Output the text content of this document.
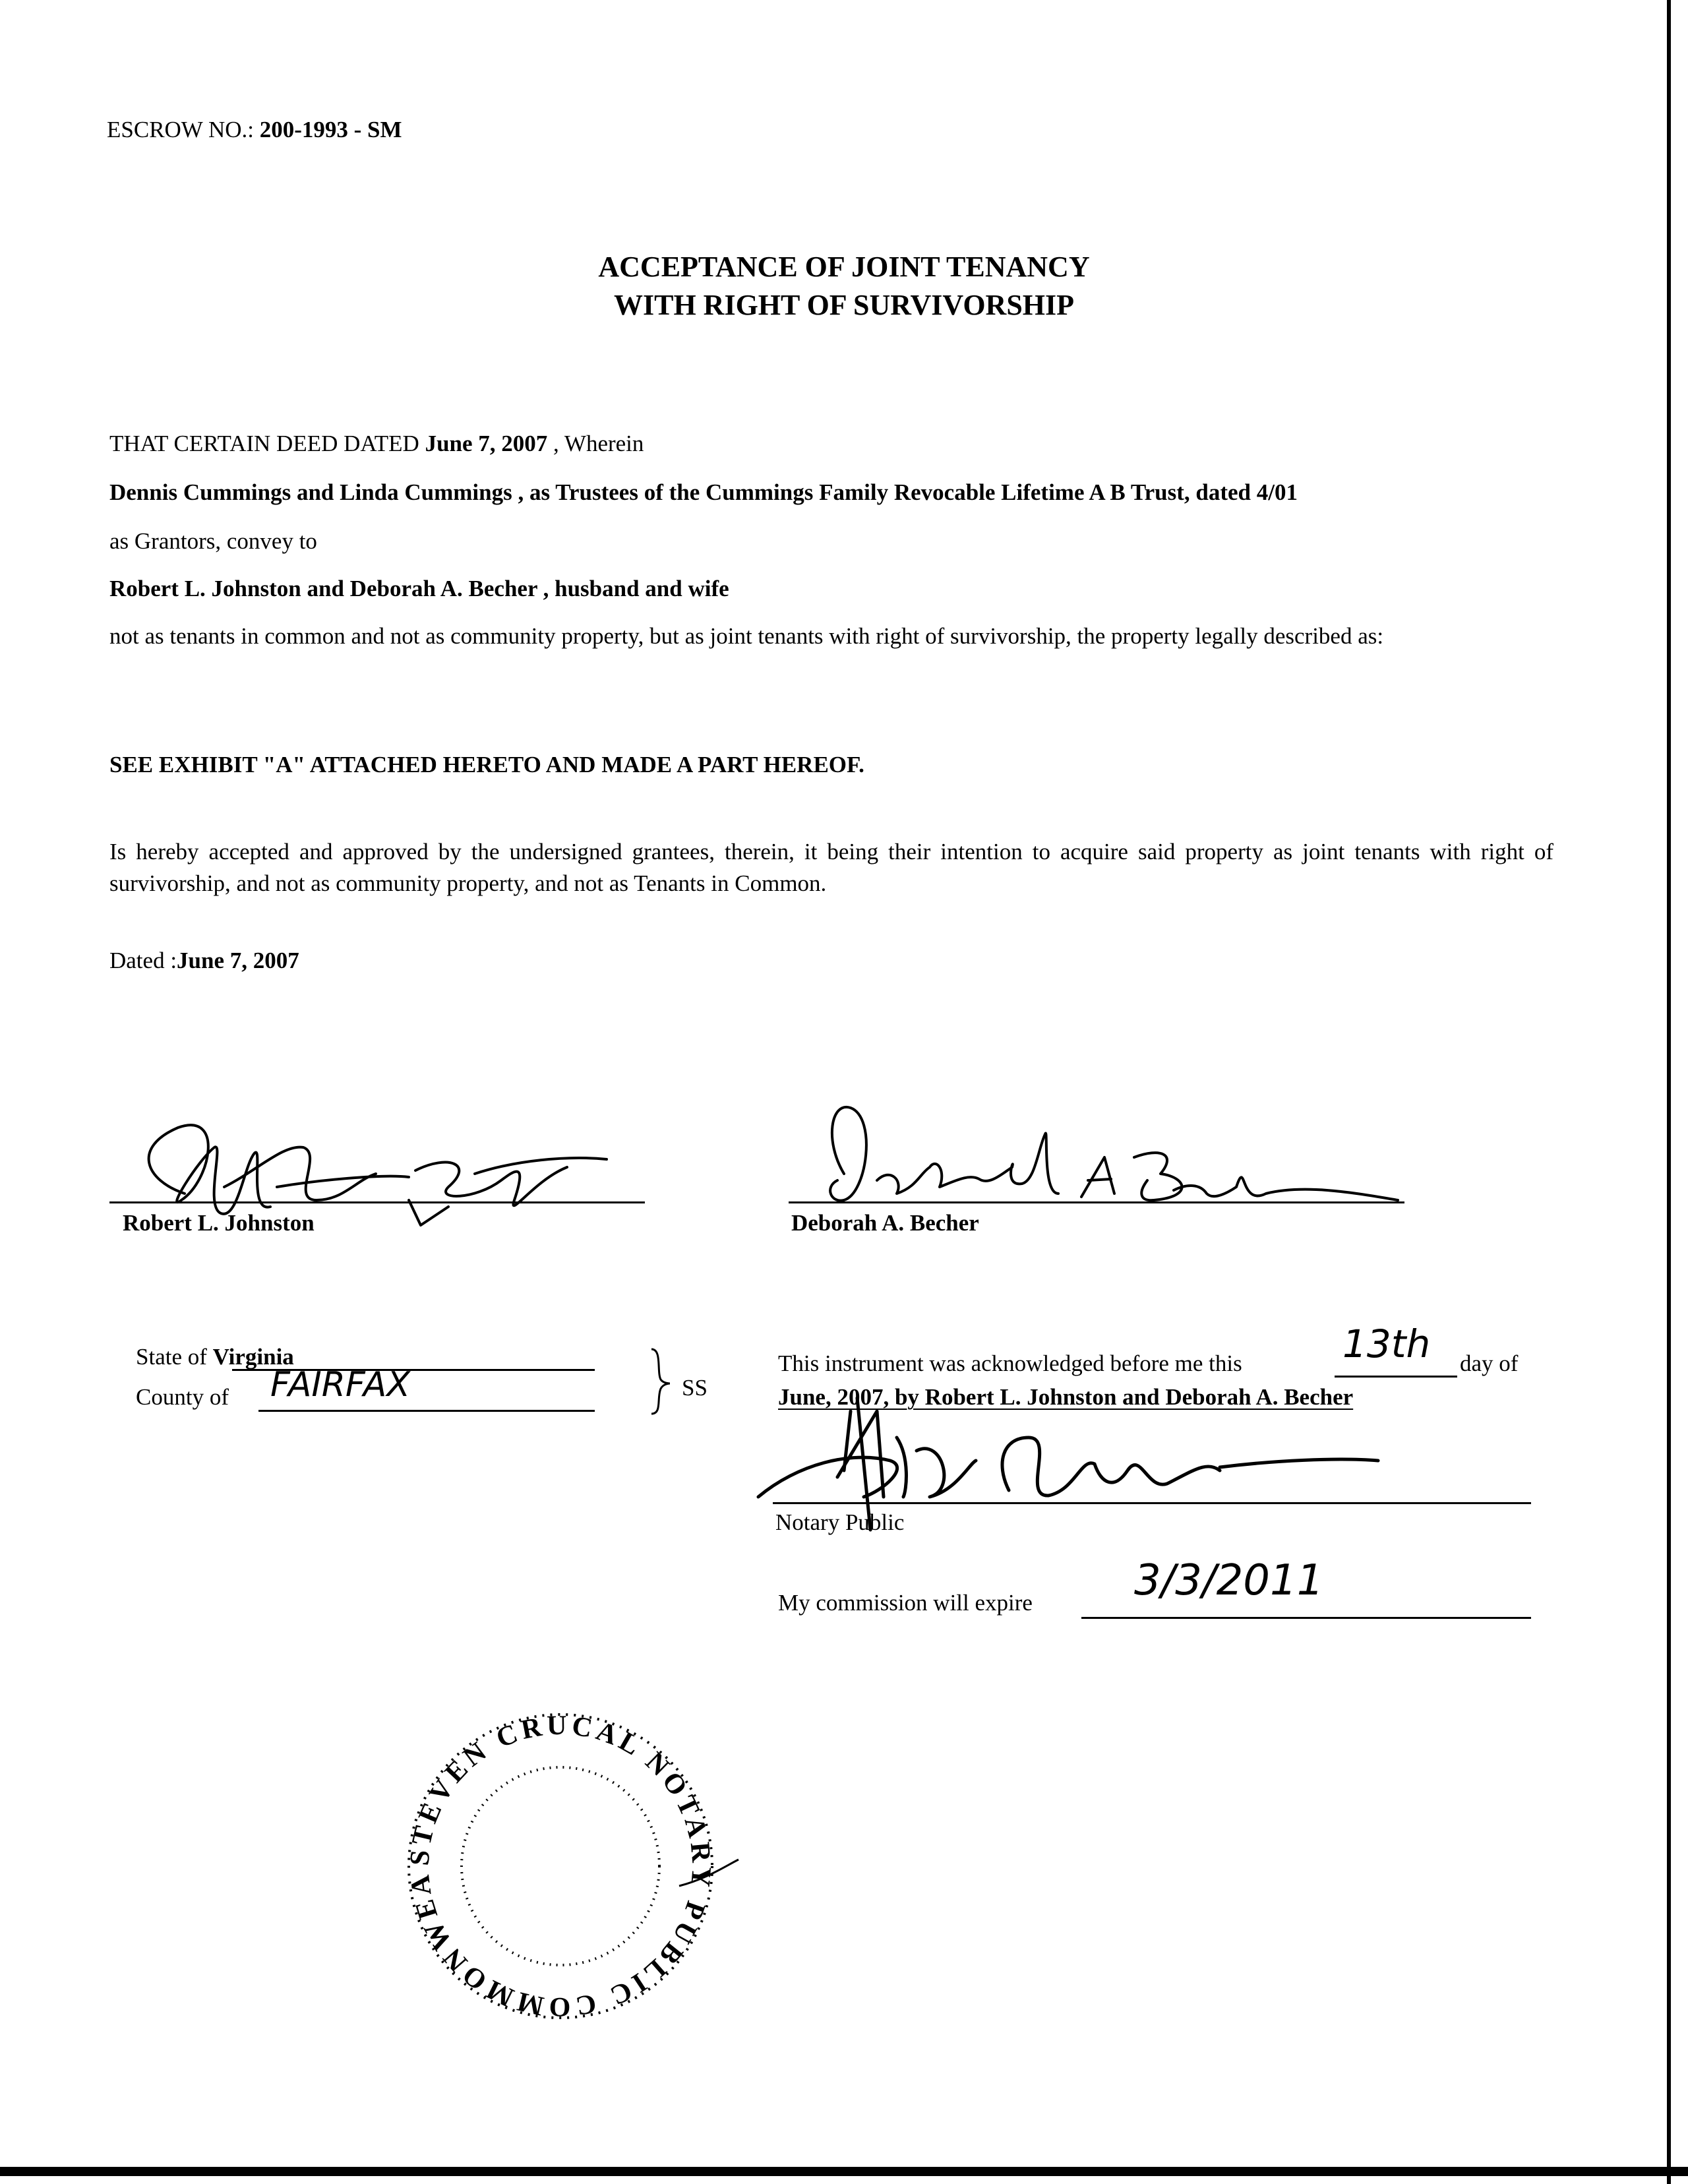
ESCROW NO.: 200-1993 - SM
ACCEPTANCE OF JOINT TENANCY
WITH RIGHT OF SURVIVORSHIP
THAT CERTAIN DEED DATED June 7, 2007 , Wherein
Dennis Cummings and Linda Cummings , as Trustees of the Cummings Family Revocable Lifetime A B Trust, dated 4/01
as Grantors, convey to
Robert L. Johnston and Deborah A. Becher , husband and wife
not as tenants in common and not as community property, but as joint tenants with right of survivorship, the property legally described as:
SEE EXHIBIT "A" ATTACHED HERETO AND MADE A PART HEREOF.
Is hereby accepted and approved by the undersigned grantees, therein, it being their intention to acquire said property as joint tenants with right of survivorship, and not as community property, and not as Tenants in Common.
Dated :June 7, 2007
Robert L. Johnston	Deborah A. Becher
State of Virginia
County of FAIRFAX	SS
This instrument was acknowledged before me this	13th day of
June, 2007, by Robert L. Johnston and Deborah A. Becher
Notary Public
My commission will expire 3/3/2011
STEVEN CRUCAL NOTARY PUBLIC COMMONWEALTH OF VIRGINIA
